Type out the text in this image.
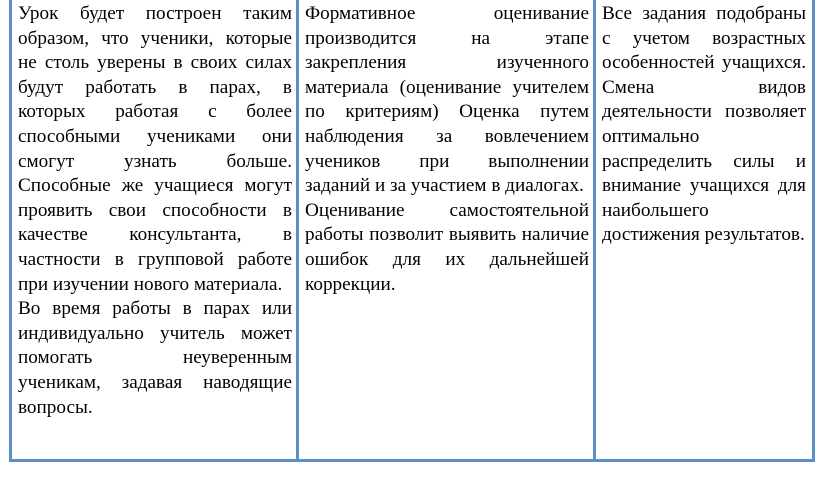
Урок будет построен таким образом, что ученики, которые не столь уверены в своих силах будут работать в парах, в которых работая с более способными учениками они смогут узнать больше. Способные же учащиеся могут проявить свои способности в качестве консультанта, в частности в групповой работе при изучении нового материала.

Во время работы в парах или индивидуально учитель может помогать неуверенным ученикам, задавая наводящие вопросы.

Формативное оценивание производится на этапе закрепления изученного материала (оценивание учителем по критериям) Оценка путем наблюдения за вовлечением учеников при выполнении заданий и за участием в диалогах.

Оценивание самостоятельной работы позволит выявить наличие ошибок для их дальнейшей коррекции.

Все задания подобраны с учетом возрастных особенностей учащихся. Смена видов деятельности позволяет оптимально распределить силы и внимание учащихся для наибольшего достижения результатов.
